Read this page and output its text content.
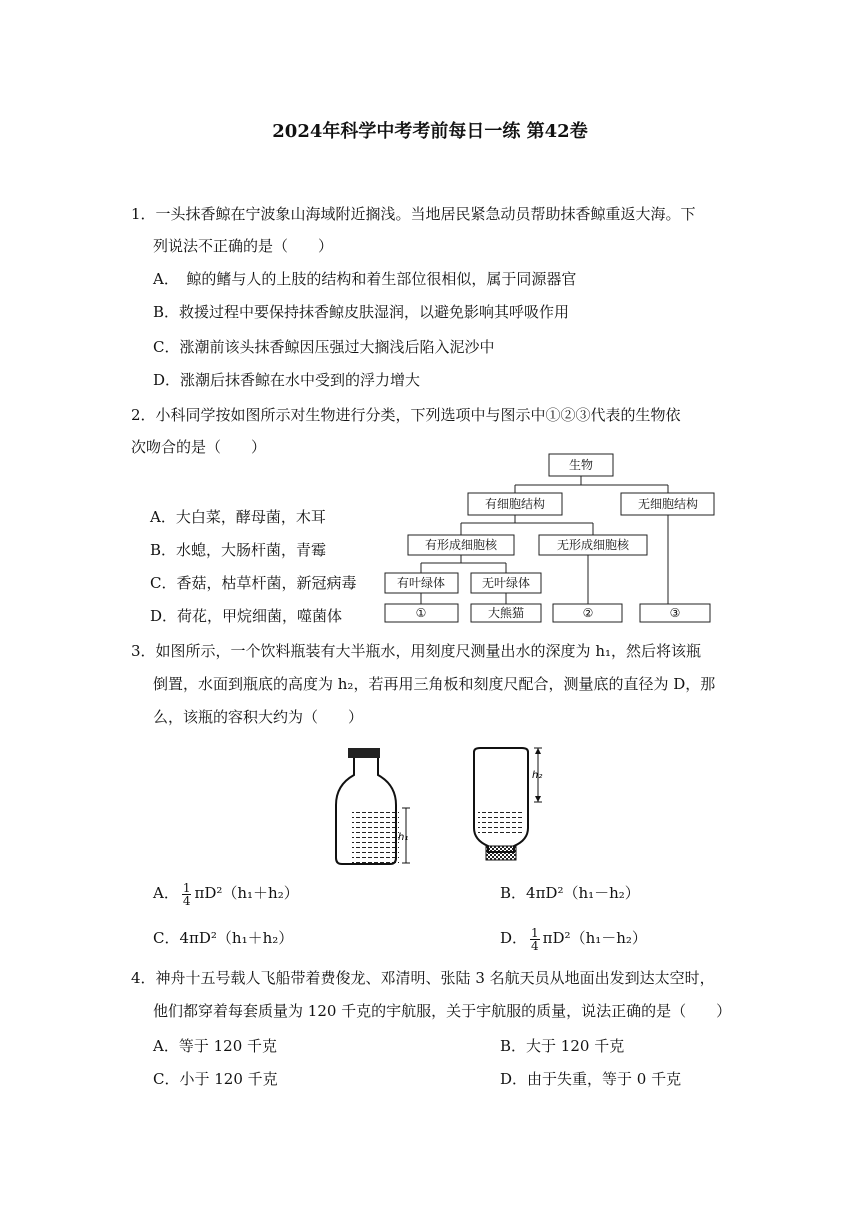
2024年科学中考考前每日一练 第42卷
1．一头抹香鲸在宁波象山海域附近搁浅。当地居民紧急动员帮助抹香鲸重返大海。下
列说法不正确的是（　　）
A．　鲸的鳍与人的上肢的结构和着生部位很相似，属于同源器官
B．救援过程中要保持抹香鲸皮肤湿润，以避免影响其呼吸作用
C．涨潮前该头抹香鲸因压强过大搁浅后陷入泥沙中
D．涨潮后抹香鲸在水中受到的浮力增大
2．小科同学按如图所示对生物进行分类，下列选项中与图示中①②③代表的生物依
次吻合的是（　　）
A．大白菜，酵母菌，木耳
B．水螅，大肠杆菌，青霉
C．香菇，枯草杆菌，新冠病毒
D．荷花，甲烷细菌，噬菌体
生物
有细胞结构	无细胞结构
有形成细胞核	无形成细胞核
有叶绿体	无叶绿体
①	大熊猫	②	③
3．如图所示，一个饮料瓶装有大半瓶水，用刻度尺测量出水的深度为 h₁，然后将该瓶
倒置，水面到瓶底的高度为 h₂，若再用三角板和刻度尺配合，测量底的直径为 D，那
么，该瓶的容积大约为（　　）
h₁
h₂
A． $\frac{1}{4} \pi D^2(h_1+h_2)$	B．4πD²（h₁－h₂）
C．4πD²（h₁＋h₂）	D． $\frac{1}{4} \pi D^2(h_1-h_2)$
4．神舟十五号载人飞船带着费俊龙、邓清明、张陆 3 名航天员从地面出发到达太空时，
他们都穿着每套质量为 120 千克的宇航服，关于宇航服的质量，说法正确的是（　　）
A．等于 120 千克	B．大于 120 千克
C．小于 120 千克	D．由于失重，等于 0 千克
